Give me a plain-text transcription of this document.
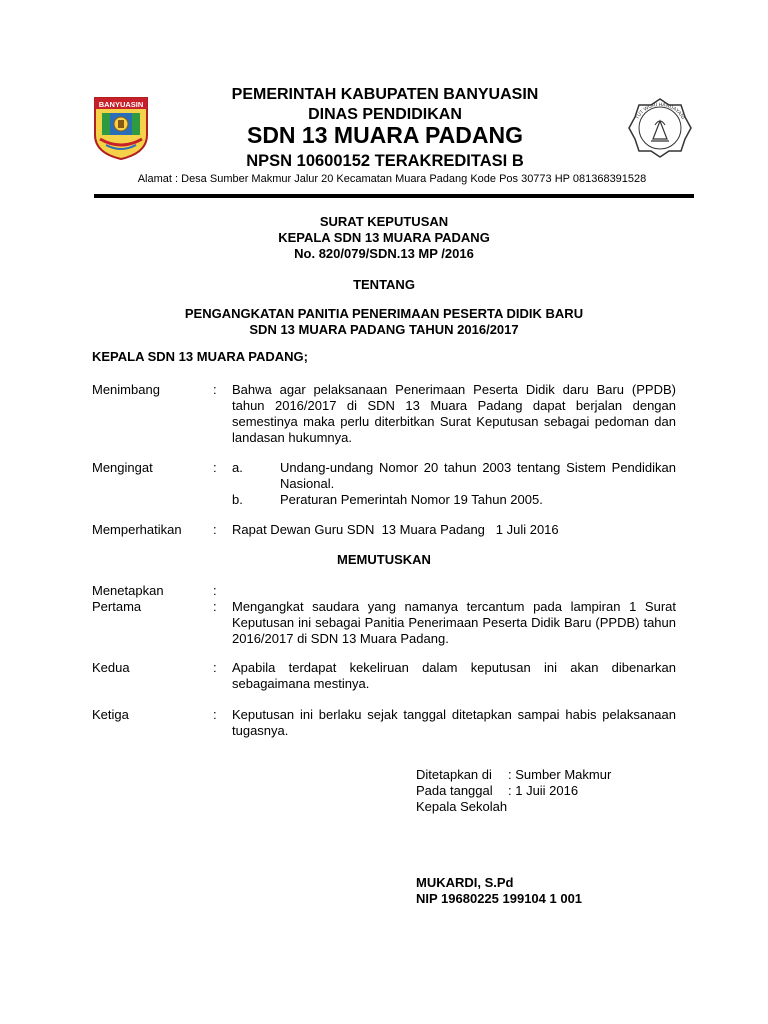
BANYUASIN
TUT WURI HANDAYANI
PEMERINTAH KABUPATEN BANYUASIN
DINAS PENDIDIKAN
SDN 13 MUARA PADANG
NPSN 10600152 TERAKREDITASI B
Alamat : Desa Sumber Makmur Jalur 20 Kecamatan Muara Padang Kode Pos 30773 HP 081368391528
SURAT KEPUTUSAN
KEPALA SDN 13 MUARA PADANG
No. 820/079/SDN.13 MP /2016
TENTANG
PENGANGKATAN PANITIA PENERIMAAN PESERTA DIDIK BARU
SDN 13 MUARA PADANG TAHUN 2016/2017
KEPALA SDN 13 MUARA PADANG;
Menimbang	: Bahwa agar pelaksanaan Penerimaan Peserta Didik daru Baru (PPDB) tahun 2016/2017 di SDN 13 Muara Padang dapat berjalan dengan semestinya maka perlu diterbitkan Surat Keputusan sebagai pedoman dan landasan hukumnya.
Mengingat	: a.	Undang-undang Nomor 20 tahun 2003 tentang Sistem Pendidikan Nasional.
b.	Peraturan Pemerintah Nomor 19 Tahun 2005.
Memperhatikan : Rapat Dewan Guru SDN  13 Muara Padang   1 Juli 2016
MEMUTUSKAN
Menetapkan	:
Pertama	: Mengangkat saudara yang namanya tercantum pada lampiran 1 Surat Keputusan ini sebagai Panitia Penerimaan Peserta Didik Baru (PPDB) tahun 2016/2017 di SDN 13 Muara Padang.
Kedua	: Apabila terdapat kekeliruan dalam keputusan ini akan dibenarkan sebagaimana mestinya.
Ketiga	: Keputusan ini berlaku sejak tanggal ditetapkan sampai habis pelaksanaan tugasnya.
Ditetapkan di : Sumber Makmur
Pada tanggal : 1 Juii 2016
Kepala Sekolah
MUKARDI, S.Pd
NIP 19680225 199104 1 001
